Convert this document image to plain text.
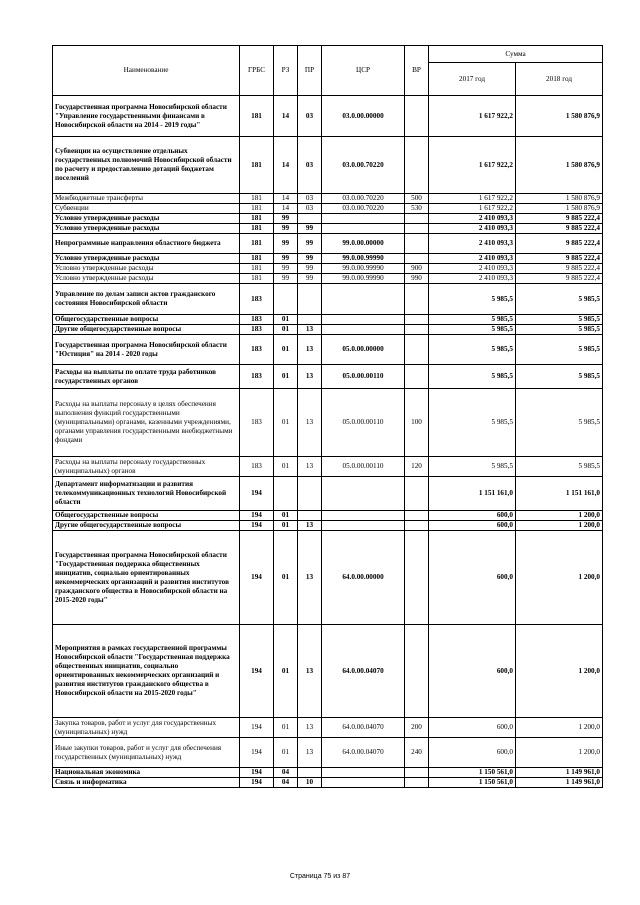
Наименование	ГРБС	РЗ	ПР	ЦСР	ВР	Сумма	
						2017 год	2018 год
Государственная программа Новосибирской области "Управление государственными финансами в Новосибирской области на 2014 - 2019 годы"	181	14	03	03.0.00.00000		1 617 922,2	1 580 876,9
Субвенции на осуществление отдельных государственных полномочий Новосибирской области по расчету и предоставлению дотаций бюджетам поселений	181	14	03	03.0.00.70220		1 617 922,2	1 580 876,9
Межбюджетные трансферты	181	14	03	03.0.00.70220	500	1 617 922,2	1 580 876,9
Субвенции	181	14	03	03.0.00.70220	530	1 617 922,2	1 580 876,9
Условно утвержденные расходы	181	99				2 410 093,3	9 885 222,4
Условно утвержденные расходы	181	99	99			2 410 093,3	9 885 222,4
Непрограммные направления областного бюджета	181	99	99	99.0.00.00000		2 410 093,3	9 885 222,4
Условно утвержденные расходы	181	99	99	99.0.00.99990		2 410 093,3	9 885 222,4
Условно утвержденные расходы	181	99	99	99.0.00.99990	900	2 410 093,3	9 885 222,4
Условно утвержденные расходы	181	99	99	99.0.00.99990	990	2 410 093,3	9 885 222,4
Управление по делам записи актов гражданского состояния Новосибирской области	183					5 985,5	5 985,5
Общегосударственные вопросы	183	01				5 985,5	5 985,5
Другие общегосударственные вопросы	183	01	13			5 985,5	5 985,5
Государственная программа Новосибирской области "Юстиция" на 2014 - 2020 годы	183	01	13	05.0.00.00000		5 985,5	5 985,5
Расходы на выплаты по оплате труда работников государственных органов	183	01	13	05.0.00.00110		5 985,5	5 985,5
Расходы на выплаты персоналу в целях обеспечения выполнения функций государственными (муниципальными) органами, казенными учреждениями, органами управления государственными внебюджетными фондами	183	01	13	05.0.00.00110	100	5 985,5	5 985,5
Расходы на выплаты персоналу государственных (муниципальных) органов	183	01	13	05.0.00.00110	120	5 985,5	5 985,5
Департамент информатизации и развития телекоммуникационных технологий Новосибирской области	194					1 151 161,0	1 151 161,0
Общегосударственные вопросы	194	01				600,0	1 200,0
Другие общегосударственные вопросы	194	01	13			600,0	1 200,0
Государственная программа Новосибирской области "Государственная поддержка общественных инициатив, социально ориентированных некоммерческих организаций и развития институтов гражданского общества в Новосибирской области на 2015-2020 годы"	194	01	13	64.0.00.00000		600,0	1 200,0
Мероприятия в рамках государственной программы Новосибирской области "Государственная поддержка общественных инициатив, социально ориентированных некоммерческих организаций и развития институтов гражданского общества в Новосибирской области на 2015-2020 годы"	194	01	13	64.0.00.04070		600,0	1 200,0
Закупка товаров, работ и услуг для государственных (муниципальных) нужд	194	01	13	64.0.00.04070	200	600,0	1 200,0
Иные закупки товаров, работ и услуг для обеспечения государственных (муниципальных) нужд	194	01	13	64.0.00.04070	240	600,0	1 200,0
Национальная экономика	194	04				1 150 561,0	1 149 961,0
Связь и информатика	194	04	10			1 150 561,0	1 149 961,0
Страница 75 из 87
